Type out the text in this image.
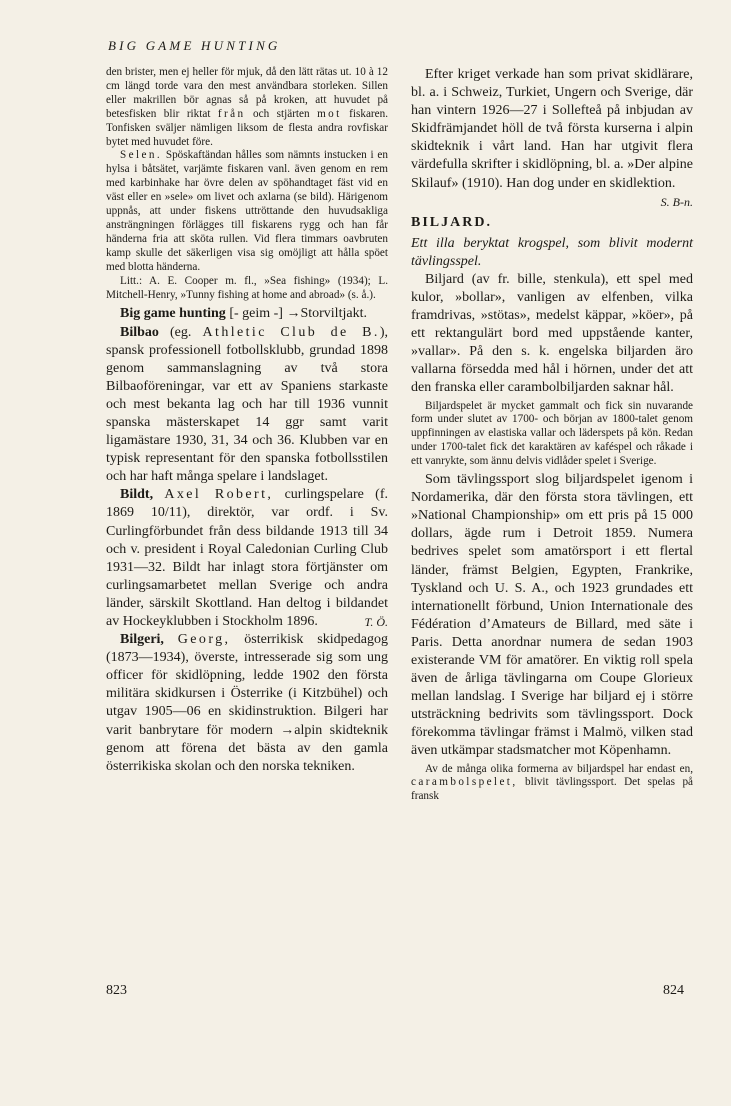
BIG GAME HUNTING

den brister, men ej heller för mjuk, då den lätt rätas ut. 10 à 12 cm längd torde vara den mest användbara storleken. Sillen eller makrillen bör agnas så på kroken, att huvudet på betesfisken blir riktat från och stjärten mot fiskaren. Tonfisken sväljer nämligen liksom de flesta andra rovfiskar bytet med huvudet före.

Selen. Spöskaftändan hålles som nämnts instucken i en hylsa i båtsätet, varjämte fiskaren vanl. även genom en rem med karbinhake har övre delen av spöhandtaget fäst vid en väst eller en »sele» om livet och axlarna (se bild). Härigenom uppnås, att under fiskens uttröttande den huvudsakliga ansträngningen förlägges till fiskarens rygg och han får händerna fria att sköta rullen. Vid flera timmars oavbruten kamp skulle det säkerligen visa sig omöjligt att hålla spöet med blotta händerna.

Litt.: A. E. Cooper m. fl., »Sea fishing» (1934); L. Mitchell-Henry, »Tunny fishing at home and abroad» (s. å.).

Big game hunting [- geim -] →Storviltjakt.

Bilbao (eg. Athletic Club de B.), spansk professionell fotbollsklubb, grundad 1898 genom sammanslagning av två stora Bilbaoföreningar, var ett av Spaniens starkaste och mest bekanta lag och har till 1936 vunnit spanska mästerskapet 14 ggr samt varit ligamästare 1930, 31, 34 och 36. Klubben var en typisk representant för den spanska fotbollsstilen och har haft många spelare i landslaget.

Bildt, Axel Robert, curlingspelare (f. 1869 10/11), direktör, var ordf. i Sv. Curlingförbundet från dess bildande 1913 till 34 och v. president i Royal Caledonian Curling Club 1931—32. Bildt har inlagt stora förtjänster om curlingsamarbetet mellan Sverige och andra länder, särskilt Skottland. Han deltog i bildandet av Hockeyklubben i Stockholm 1896.	T. Ö.

Bilgeri, Georg, österrikisk skidpedagog (1873—1934), överste, intresserade sig som ung officer för skidlöpning, ledde 1902 den första militära skidkursen i Österrike (i Kitzbühel) och utgav 1905—06 en skidinstruktion. Bilgeri har varit banbrytare för modern →alpin skidteknik genom att förena det bästa av den gamla österrikiska skolan och den norska tekniken.

Efter kriget verkade han som privat skidlärare, bl. a. i Schweiz, Turkiet, Ungern och Sverige, där han vintern 1926—27 i Sollefteå på inbjudan av Skidfrämjandet höll de två första kurserna i alpin skidteknik i vårt land. Han har utgivit flera värdefulla skrifter i skidlöpning, bl. a. »Der alpine Skilauf» (1910). Han dog under en skidlektion.
S. B-n.

BILJARD.

Ett illa beryktat krogspel, som blivit modernt tävlingsspel.

Biljard (av fr. bille, stenkula), ett spel med kulor, »bollar», vanligen av elfenben, vilka framdrivas, »stötas», medelst käppar, »köer», på ett rektangulärt bord med uppstående kanter, »vallar». På den s. k. engelska biljarden äro vallarna försedda med hål i hörnen, under det att den franska eller carambolbiljarden saknar hål.

Biljardspelet är mycket gammalt och fick sin nuvarande form under slutet av 1700- och början av 1800-talet genom uppfinningen av elastiska vallar och läderspets på kön. Redan under 1700-talet fick det karaktären av kaféspel och råkade i ett vanrykte, som ännu delvis vidlåder spelet i Sverige.

Som tävlingssport slog biljardspelet igenom i Nordamerika, där den första stora tävlingen, ett »National Championship» om ett pris på 15 000 dollars, ägde rum i Detroit 1859. Numera bedrives spelet som amatörsport i ett flertal länder, främst Belgien, Egypten, Frankrike, Tyskland och U. S. A., och 1923 grundades ett internationellt förbund, Union Internationale des Fédération d’Amateurs de Billard, med säte i Paris. Detta anordnar numera de sedan 1903 existerande VM för amatörer. En viktig roll spela även de årliga tävlingarna om Coupe Glorieux mellan landslag. I Sverige har biljard ej i större utsträckning bedrivits som tävlingssport. Dock förekomma tävlingar främst i Malmö, vilken stad även utkämpar stadsmatcher mot Köpenhamn.

Av de många olika formerna av biljardspel har endast en, carambolspelet, blivit tävlingssport. Det spelas på fransk

823	824
